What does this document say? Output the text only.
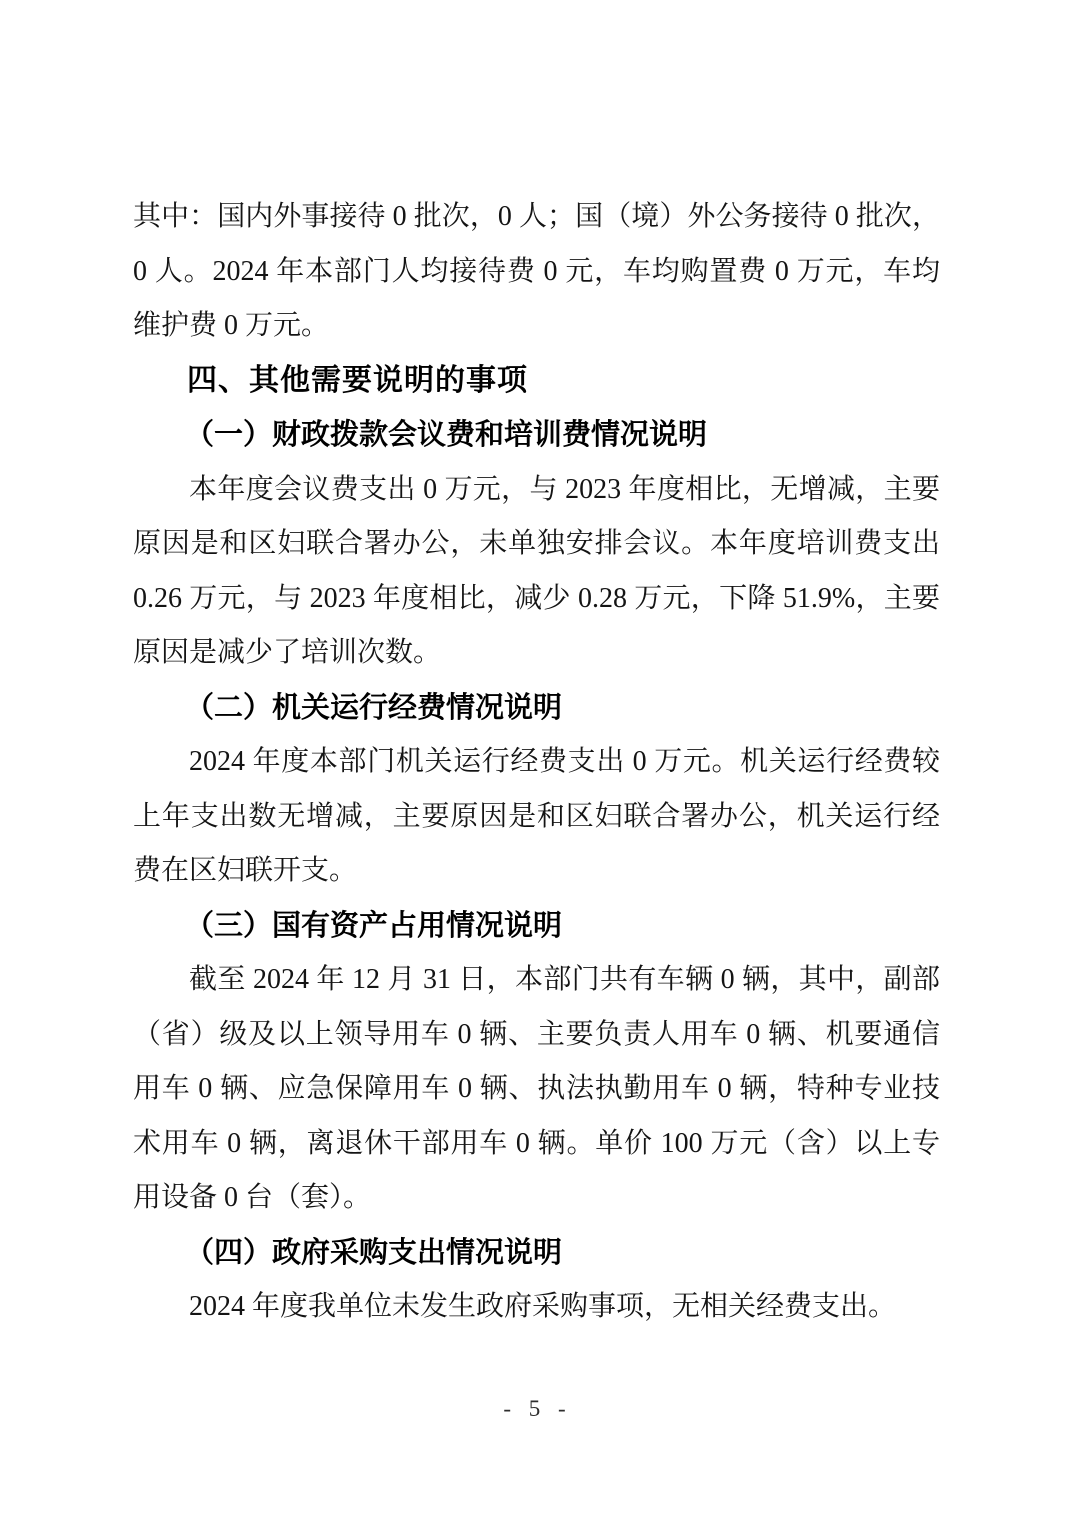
其中：国内外事接待 0 批次，0 人；国（境）外公务接待 0 批次，
0 人。2024 年本部门人均接待费 0 元，车均购置费 0 万元，车均
维护费 0 万元。
四、其他需要说明的事项
（一）财政拨款会议费和培训费情况说明
本年度会议费支出 0 万元，与 2023 年度相比，无增减，主要
原因是和区妇联合署办公，未单独安排会议。本年度培训费支出
0.26 万元，与 2023 年度相比，减少 0.28 万元，下降 51.9%，主要
原因是减少了培训次数。
（二）机关运行经费情况说明
2024 年度本部门机关运行经费支出 0 万元。机关运行经费较
上年支出数无增减，主要原因是和区妇联合署办公，机关运行经
费在区妇联开支。
（三）国有资产占用情况说明
截至 2024 年 12 月 31 日，本部门共有车辆 0 辆，其中，副部
（省）级及以上领导用车 0 辆、主要负责人用车 0 辆、机要通信
用车 0 辆、应急保障用车 0 辆、执法执勤用车 0 辆，特种专业技
术用车 0 辆，离退休干部用车 0 辆。单价 100 万元（含）以上专
用设备 0 台（套）。
（四）政府采购支出情况说明
2024 年度我单位未发生政府采购事项，无相关经费支出。
- 5 -
